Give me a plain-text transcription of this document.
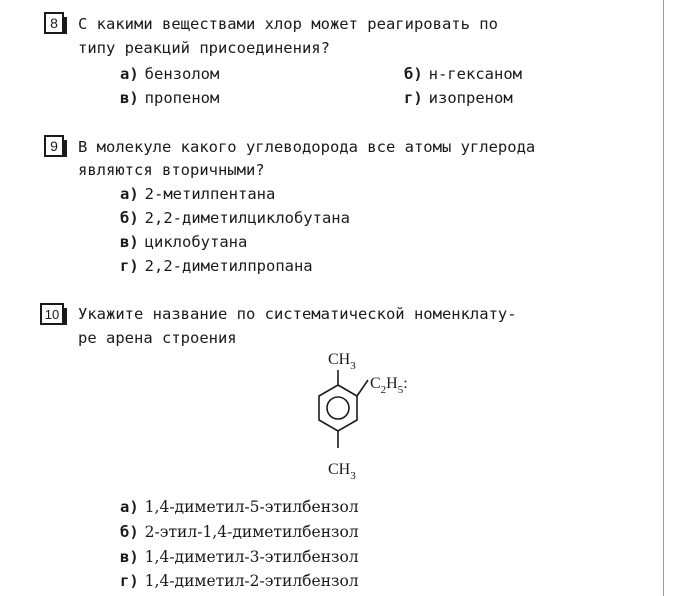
8	С какими веществами хлор может реагировать по
типу реакций присоединения?
а) бензолом	б) н-гексаном
в) пропеном	г) изопреном
9	В молекуле какого углеводорода все атомы углерода
являются вторичными?
а) 2-метилпентана
б) 2,2-диметилциклобутана
в) циклобутана
г) 2,2-диметилпропана
10	Укажите название по систематической номенклату-
ре арена строения
$CH_3$
$C_2H_5$:
$CH_3$
а) 1,4-диметил-5-этилбензол
б) 2-этил-1,4-диметилбензол
в) 1,4-диметил-3-этилбензол
г) 1,4-диметил-2-этилбензол
